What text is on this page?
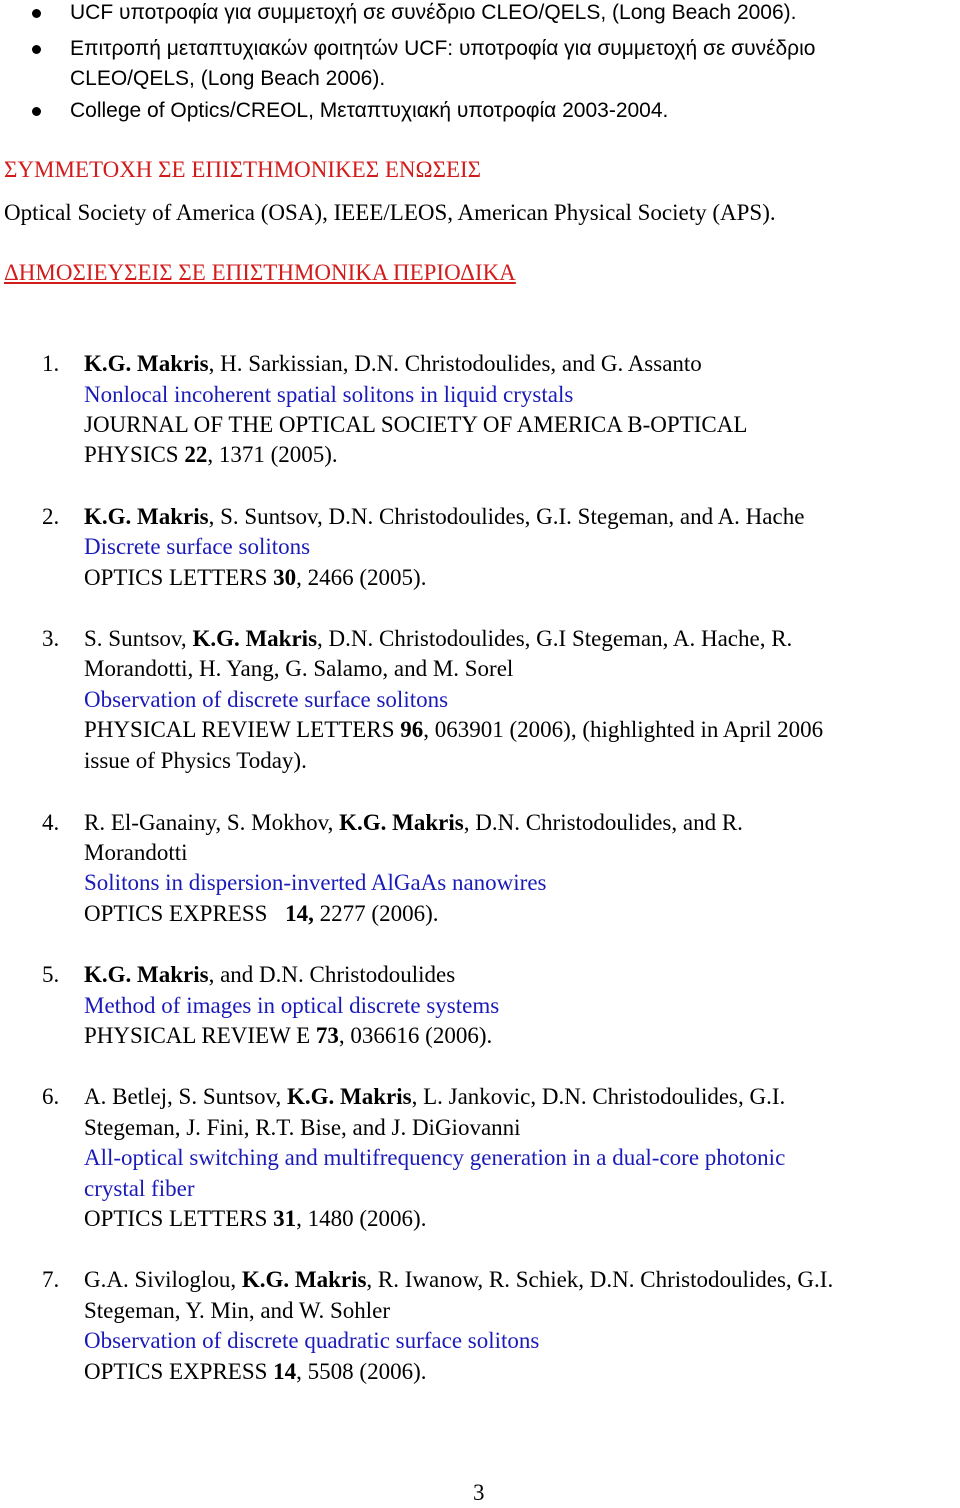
UCF υποτροφία για συμμετοχή σε συνέδριο CLEO/QELS, (Long Beach 2006).
Επιτροπή μεταπτυχιακών φοιτητών UCF: υποτροφία για συμμετοχή σε συνέδριο
CLEO/QELS, (Long Beach 2006).
College of Optics/CREOL, Μεταπτυχιακή υποτροφία 2003-2004.
ΣΥΜΜΕΤΟΧΗ ΣΕ ΕΠΙΣΤΗΜΟΝΙΚΕΣ ΕΝΩΣΕΙΣ
Optical Society of America (OSA), IEEE/LEOS, American Physical Society (APS).
ΔΗΜΟΣΙΕΥΣΕΙΣ ΣΕ ΕΠΙΣΤΗΜΟΝΙΚΑ ΠΕΡΙΟΔΙΚΑ
1. K.G. Makris, H. Sarkissian, D.N. Christodoulides, and G. Assanto
Nonlocal incoherent spatial solitons in liquid crystals
JOURNAL OF THE OPTICAL SOCIETY OF AMERICA B-OPTICAL
PHYSICS 22, 1371 (2005).
2. K.G. Makris, S. Suntsov, D.N. Christodoulides, G.I. Stegeman, and A. Hache
Discrete surface solitons
OPTICS LETTERS 30, 2466 (2005).
3. S. Suntsov, K.G. Makris, D.N. Christodoulides, G.I Stegeman, A. Hache, R.
Morandotti, H. Yang, G. Salamo, and M. Sorel
Observation of discrete surface solitons
PHYSICAL REVIEW LETTERS 96, 063901 (2006), (highlighted in April 2006
issue of Physics Today).
4. R. El-Ganainy, S. Mokhov, K.G. Makris, D.N. Christodoulides, and R.
Morandotti
Solitons in dispersion-inverted AlGaAs nanowires
OPTICS EXPRESS 14, 2277 (2006).
5. K.G. Makris, and D.N. Christodoulides
Method of images in optical discrete systems
PHYSICAL REVIEW E 73, 036616 (2006).
6. A. Betlej, S. Suntsov, K.G. Makris, L. Jankovic, D.N. Christodoulides, G.I.
Stegeman, J. Fini, R.T. Bise, and J. DiGiovanni
All-optical switching and multifrequency generation in a dual-core photonic
crystal fiber
OPTICS LETTERS 31, 1480 (2006).
7. G.A. Siviloglou, K.G. Makris, R. Iwanow, R. Schiek, D.N. Christodoulides, G.I.
Stegeman, Y. Min, and W. Sohler
Observation of discrete quadratic surface solitons
OPTICS EXPRESS 14, 5508 (2006).
3
